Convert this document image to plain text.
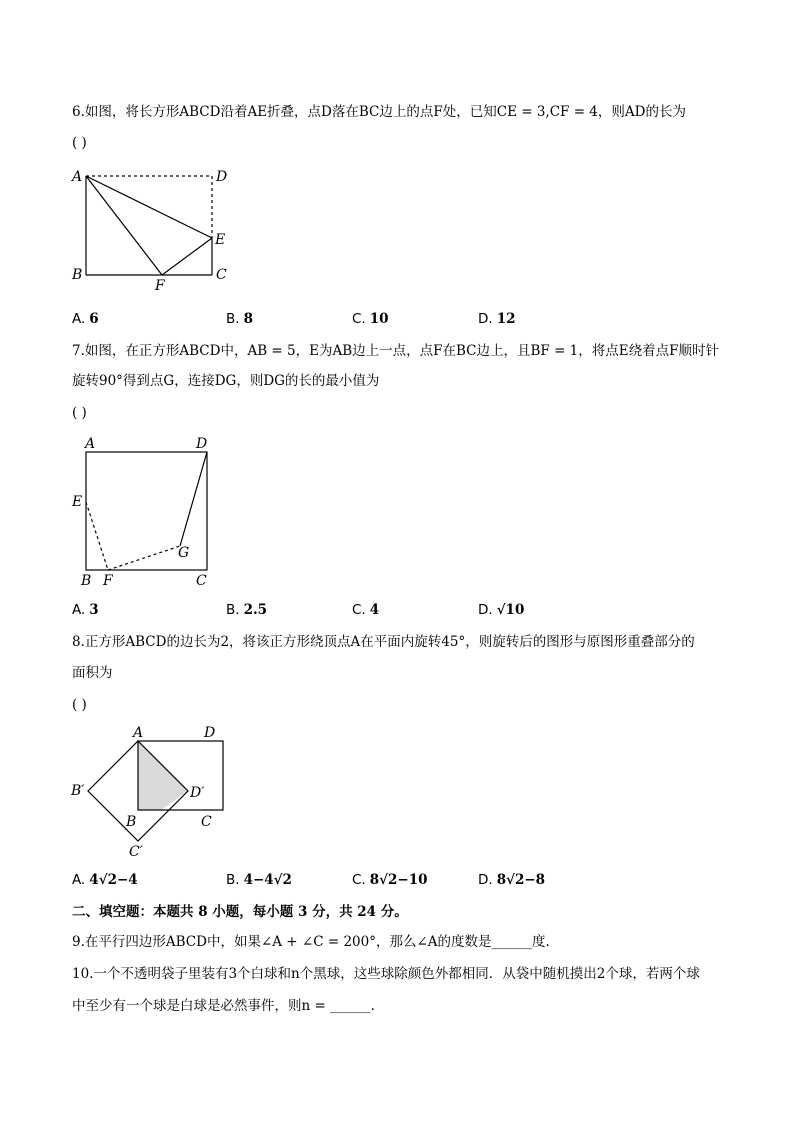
6.如图，将长方形ABCD沿着AE折叠，点D落在BC边上的点F处，已知CE = 3,CF = 4，则AD的长为
( )
A	D
E
B	C
F
A. 6	B. 8	C. 10	D. 12
7.如图，在正方形ABCD中，AB = 5，E为AB边上一点，点F在BC边上，且BF = 1，将点E绕着点F顺时针
旋转90°得到点G，连接DG，则DG的长的最小值为
( )
A	D
E
G
B F	C
A. 3	B. 2.5	C. 4	D. √10
8.正方形ABCD的边长为2，将该正方形绕顶点A在平面内旋转45°，则旋转后的图形与原图形重叠部分的
面积为
( )
A	D
B′	D′
B	C
C′
A. 4√2−4	B. 4−4√2	C. 8√2−10	D. 8√2−8
二、填空题：本题共 8 小题，每小题 3 分，共 24 分。
9.在平行四边形ABCD中，如果∠A + ∠C = 200°，那么∠A的度数是______度.
10.一个不透明袋子里装有3个白球和n个黑球，这些球除颜色外都相同．从袋中随机摸出2个球，若两个球
中至少有一个球是白球是必然事件，则n = ______.
